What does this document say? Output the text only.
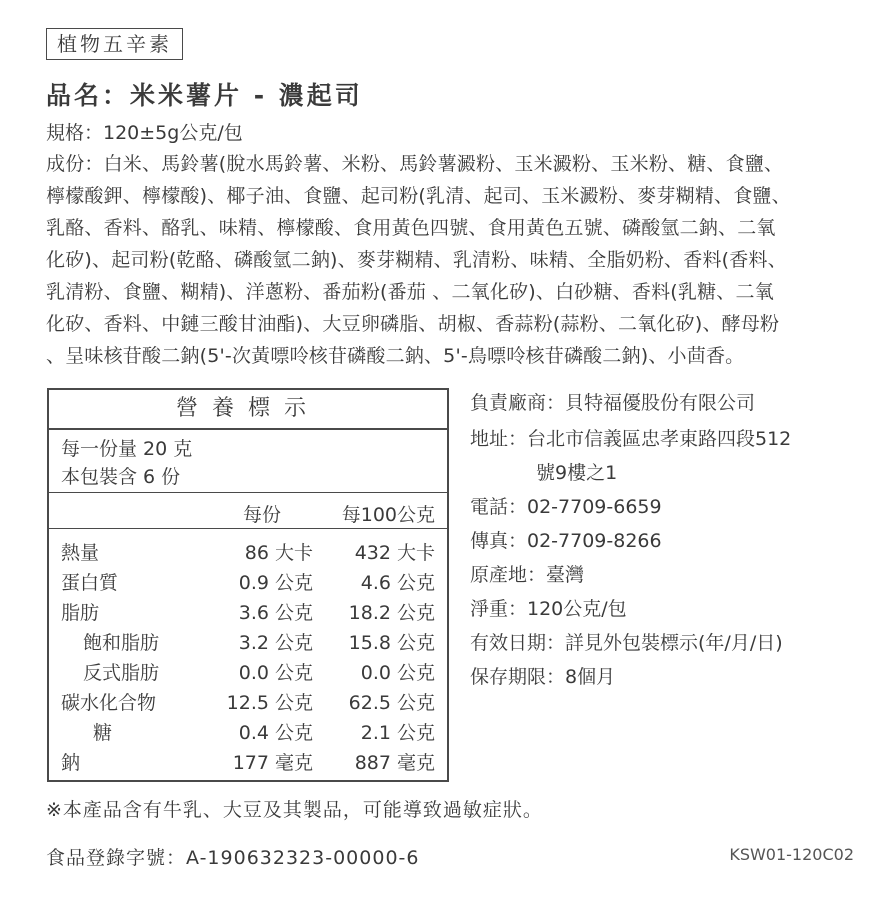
植物五辛素
品名：米米薯片 - 濃起司
規格：120±5g公克/包
成份：白米、馬鈴薯(脫水馬鈴薯、米粉、馬鈴薯澱粉、玉米澱粉、玉米粉、糖、食鹽、
檸檬酸鉀、檸檬酸)、椰子油、食鹽、起司粉(乳清、起司、玉米澱粉、麥芽糊精、食鹽、
乳酪、香料、酪乳、味精、檸檬酸、食用黃色四號、食用黃色五號、磷酸氫二鈉、二氧
化矽)、起司粉(乾酪、磷酸氫二鈉)、麥芽糊精、乳清粉、味精、全脂奶粉、香料(香料、
乳清粉、食鹽、糊精)、洋蔥粉、番茄粉(番茄 、二氧化矽)、白砂糖、香料(乳糖、二氧
化矽、香料、中鏈三酸甘油酯)、大豆卵磷脂、胡椒、香蒜粉(蒜粉、二氧化矽)、酵母粉
、呈味核苷酸二鈉(5'-次黃嘌呤核苷磷酸二鈉、5'-鳥嘌呤核苷磷酸二鈉)、小茴香。
營養標示
每一份量 20 克
本包裝含 6 份
每份	每100公克
熱量	86 大卡 432 大卡
蛋白質	0.9 公克	4.6 公克
脂肪	3.6 公克 18.2 公克
飽和脂肪	3.2 公克 15.8 公克
反式脂肪	0.0 公克	0.0 公克
碳水化合物	12.5 公克 62.5 公克
糖	0.4 公克	2.1 公克
鈉	177 毫克 887 毫克
負責廠商：貝特福優股份有限公司
地址：台北市信義區忠孝東路四段512
號9樓之1
電話：02-7709-6659
傳真：02-7709-8266
原產地：臺灣
淨重：120公克/包
有效日期：詳見外包裝標示(年/月/日)
保存期限：8個月
※本產品含有牛乳、大豆及其製品，可能導致過敏症狀。
食品登錄字號：A-190632323-00000-6	KSW01-120C02
